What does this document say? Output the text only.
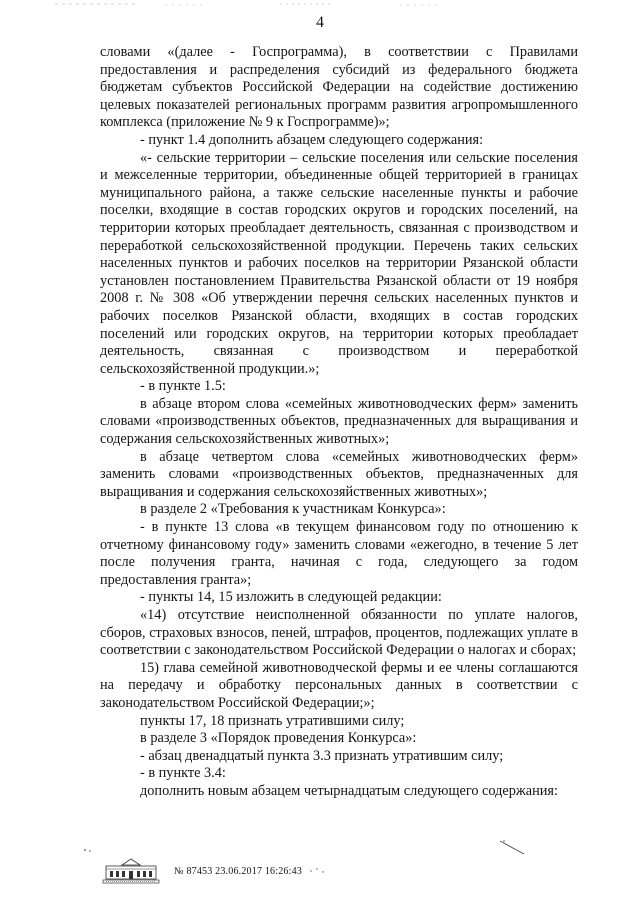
4

словами «(далее - Госпрограмма), в соответствии с Правилами предоставления и распределения субсидий из федерального бюджета бюджетам субъектов Российской Федерации на содействие достижению целевых показателей региональных программ развития агропромышленного комплекса (приложение № 9 к Госпрограмме)»;

- пункт 1.4 дополнить абзацем следующего содержания:

«- сельские территории – сельские поселения или сельские поселения и межселенные территории, объединенные общей территорией в границах муниципального района, а также сельские населенные пункты и рабочие поселки, входящие в состав городских округов и городских поселений, на территории которых преобладает деятельность, связанная с производством и переработкой сельскохозяйственной продукции. Перечень таких сельских населенных пунктов и рабочих поселков на территории Рязанской области установлен постановлением Правительства Рязанской области от 19 ноября 2008 г. № 308 «Об утверждении перечня сельских населенных пунктов и рабочих поселков Рязанской области, входящих в состав городских поселений или городских округов, на территории которых преобладает деятельность, связанная с производством и переработкой сельскохозяйственной продукции.»;

- в пункте 1.5:

в абзаце втором слова «семейных животноводческих ферм» заменить словами «производственных объектов, предназначенных для выращивания и содержания сельскохозяйственных животных»;

в абзаце четвертом слова «семейных животноводческих ферм» заменить словами «производственных объектов, предназначенных для выращивания и содержания сельскохозяйственных животных»;

в разделе 2 «Требования к участникам Конкурса»:

- в пункте 13 слова «в текущем финансовом году по отношению к отчетному финансовому году» заменить словами «ежегодно, в течение 5 лет после получения гранта, начиная с года, следующего за годом предоставления гранта»;

- пункты 14, 15 изложить в следующей редакции:

«14) отсутствие неисполненной обязанности по уплате налогов, сборов, страховых взносов, пеней, штрафов, процентов, подлежащих уплате в соответствии с законодательством Российской Федерации о налогах и сборах;

15) глава семейной животноводческой фермы и ее члены соглашаются на передачу и обработку персональных данных в соответствии с законодательством Российской Федерации;»;

пункты 17, 18 признать утратившими силу;

в разделе 3 «Порядок проведения Конкурса»:

- абзац двенадцатый пункта 3.3 признать утратившим силу;

- в пункте 3.4:

дополнить новым абзацем четырнадцатым следующего содержания:

№ 87453 23.06.2017 16:26:43
